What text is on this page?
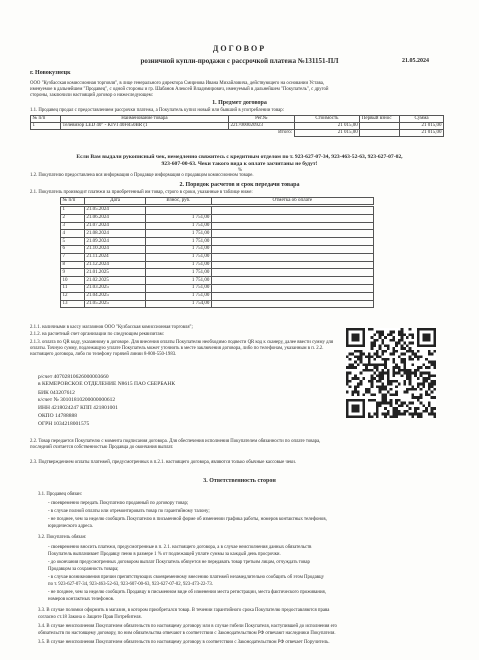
ДОГОВОР
розничной купли-продажи с рассрочкой платежа №131151-ПЛ
г. Новокузнецк
21.05.2024
ООО "Кузбасская комиссионная торговля", в лице генерального директора Смирнова Ивана Михайловича, действующего на основании Устава,
именуемое в дальнейшем "Продавец", с одной стороны и гр. Шабанов Алексей Владимирович, именуемый в дальнейшем "Покупатель", с другой
стороны, заключили настоящий договор о нижеследующем:
1. Предмет договора
1.1. Продавец продал с предоставлением рассрочки платежа, а Покупатель купил новый или бывший в употреблении товар:
№ п/п	Наименование товара	Рег.№	Стоимость	Первый взнос	Сумма
1	Телевизор LED 40" - KIVI 40FR50BR (1	2217000020923	21 015,00		21 015,00
		Итого:	21 015,00		21 015,00
Если Вам выдали рукописный чек, немедленно свяжитесь с кредитным отделом по т. 923-627-07-34, 923-463-52-63, 923-627-07-02,
923-607-00-63. Чеки такого вида к оплате засчитаны не будут!
%
1.2. Покупателю предоставлена вся информация о Продавце информация о продавцом комиссионном товаре.
2. Порядок расчетов и срок передачи товара
2.1. Покупатель производит платежи за приобретенный им товар, строго в сроки, указанные в таблице ниже:
№ п/п	Дата	Взнос, руб.	Отметка об оплате
1	21.05.2024		
2	21.06.2024	1 751,00	
3	21.07.2024	1 751,00	
4	21.08.2024	1 751,00	
5	21.09.2024	1 751,00	
6	21.10.2024	1 751,00	
7	21.11.2024	1 751,00	
8	21.12.2024	1 751,00	
9	21.01.2025	1 751,00	
10	21.02.2025	1 751,00	
11	21.03.2025	1 751,00	
12	21.04.2025	1 751,00	
13	21.05.2025	1 754,00	
2.1.1. наличными в кассу магазинов ООО "Кузбасская комиссионная торговля";
2.1.2. на расчетный счет организации по следующим реквизитам:
2.1.3. оплата по QR коду, указанному в договоре. Для внесения оплаты Покупателю необходимо подвести QR код к сканеру, далее ввести сумму для
оплаты. Точную сумму, подлежащую уплате Покупатель может уточнить в месте заключения договора, либо по телефонам, указанным в п. 2.2.
настоящего договора, либо по телефону горячей линии 8-800-550-1983.
р/счет 40702810626000003660
в КЕМЕРОВСКОЕ ОТДЕЛЕНИЕ N8615 ПАО СБЕРБАНК
БИК 043207612
к/счет № 30101810200000000612
ИНН 4218024247 КПП 421801001
ОКПО 14788888
ОГРН 1034218001575
2.2. Товар передается Покупателю с момента подписания договора. Для обеспечения исполнения Покупателем обязанности по оплате товара,
последний считается собственностью Продавца до окончания выплат.
2.3. Подтверждением оплаты платежей, предусмотренных в п.2.1. настоящего договора, являются только обычные кассовые чеки.
3. Ответственность сторон
3.1. Продавец обязан:
- своевременно передать Покупателю проданный по договору товар;
- в случае полной оплаты или отремонтировать товар по гарантийному талону;
- не позднее, чем за неделю сообщить Покупателю в письменной форме об изменении графика работы, номеров контактных телефонов,
юридического адреса.
3.2. Покупатель обязан:
- своевременно вносить платежи, предусмотренные в п. 2.1. настоящего договора, а в случае неисполнения данных обязательств
Покупатель выплачивает Продавцу пеню в размере 1 % от подлежащей уплате суммы за каждый день просрочки.
- до окончания предусмотренных договором выплат Покупатель обязуется не передавать товар третьим лицам, отчуждать товар
Продавцом за сохранность товара;
- в случае возникновения причин препятствующих своевременному внесению платежей незамедлительно сообщить об этом Продавцу
по т. 923-627-07-34, 923-463-52-63, 923-607-00-63, 923-627-07-02, 923-473-22-73.
- не позднее, чем за неделю сообщить Продавцу в письменном виде об изменении места регистрации, места фактического проживания,
номеров контактных телефонов.
3.3. В случае поломки оформить в магазин, в котором приобретался товар. В течении гарантийного срока Покупателю предоставляются права
согласно ст.18 Закона о Защите Прав Потребителя.
3.4. В случае неисполнения Покупателем обязательств по настоящему договору или в случае гибели Покупателя, наступившей до исполнения его
обязательств по настоящему договору, по ним обязательства отвечают в соответствии с Законодательством РФ отвечают наследники Покупателя.
3.5. В случае неисполнения Покупателем обязательств по настоящему договору в соответствии с Законодательством РФ отвечает Поручитель.
